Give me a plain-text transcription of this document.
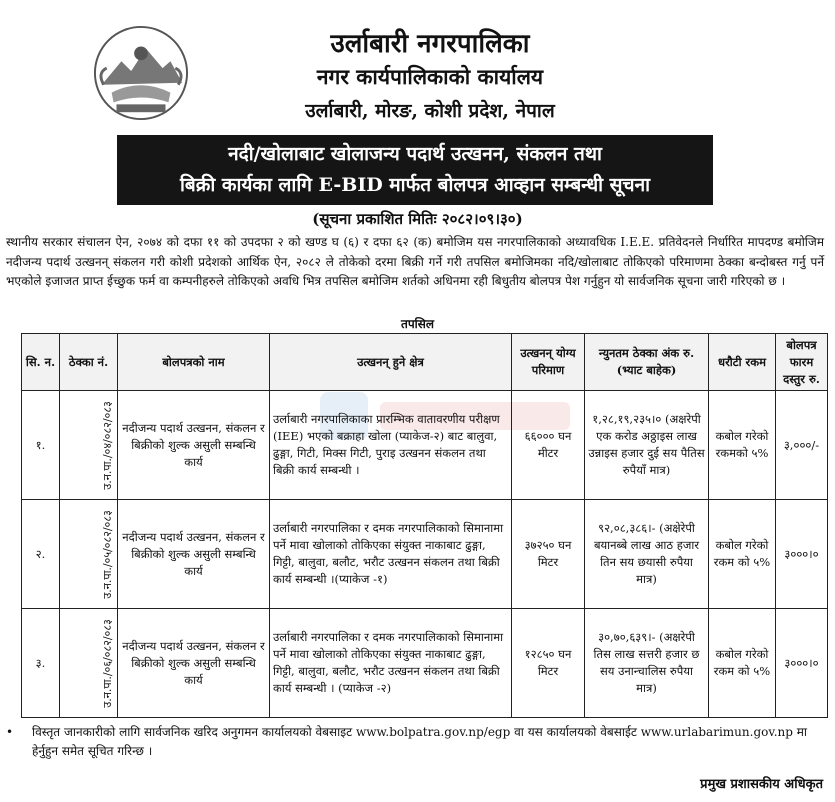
उर्लाबारी नगरपालिका
नगर कार्यपालिकाको कार्यालय
उर्लाबारी, मोरङ, कोशी प्रदेश, नेपाल
नदी/खोलाबाट खोलाजन्य पदार्थ उत्खनन, संकलन तथा
बिक्री कार्यका लागि E-BID मार्फत बोलपत्र आव्हान सम्बन्धी सूचना
(सूचना प्रकाशित मितिः २०८२।०९।३०)
स्थानीय सरकार संचालन ऐन, २०७४ को दफा ११ को उपदफा २ को खण्ड घ (६) र दफा ६२ (क) बमोजिम यस नगरपालिकाको अध्यावधिक I.E.E. प्रतिवेदनले निर्धारित मापदण्ड बमोजिम नदीजन्य पदार्थ उत्खनन् संकलन गरी कोशी प्रदेशको आर्थिक ऐन, २०८२ ले तोकेको दरमा बिक्री गर्ने गरी तपसिल बमोजिमका नदि/खोलाबाट तोकिएको परिमाणमा ठेक्का बन्दोबस्त गर्नु पर्ने भएकोले इजाजत प्राप्त ईच्छुक फर्म वा कम्पनीहरुले तोकिएको अवधि भित्र तपसिल बमोजिम शर्तको अधिनमा रही बिधुतीय बोलपत्र पेश गर्नुहुन यो सार्वजनिक सूचना जारी गरिएको छ ।
तपसिल
सि. न.	ठेक्का नं.	बोलपत्रको नाम	उत्खनन् हुने क्षेत्र	उत्खनन् योग्य परिमाण	न्युनतम ठेक्का अंक रु. (भ्याट बाहेक)	धरौटी रकम	बोलपत्र फारम दस्तुर रु.
१.	उ.न.पा./०४/०८२/०८३	नदीजन्य पदार्थ उत्खनन, संकलन र बिक्रीको शुल्क असुली सम्बन्धि कार्य	उर्लाबारी नगरपालिकाका प्रारम्भिक वातावरणीय परीक्षण (IEE) भएको बक्राहा खोला (प्याकेज-२) बाट बालुवा, ढुङ्गा, गिटी, मिक्स गिटी, पुराइ उत्खनन संकलन तथा बिक्री कार्य सम्बन्धी ।	६६००० घन मीटर	१,२८,१९,२३५।० (अक्षरेपी एक करोड अठ्ठाइस लाख उन्नाइस हजार दुई सय पैतिस रुपैयाँ मात्र)	कबोल गरेको रकमको ५%	३,०००/-
२.	उ.न.पा./०५/०८२/०८३	नदीजन्य पदार्थ उत्खनन, संकलन र बिक्रीको शुल्क असुली सम्बन्धि कार्य	उर्लाबारी नगरपालिका र दमक नगरपालिकाको सिमानामा पर्ने मावा खोलाको तोकिएका संयुक्त नाकाबाट ढुङ्गा, गिट्टी, बालुवा, बलौट, भरौट उत्खनन संकलन तथा बिक्री कार्य सम्बन्धी ।(प्याकेज -१)	३७२५० घन मिटर	९२,०८,३८६।- (अक्षेरेपी बयानब्बे लाख आठ हजार तिन सय छयासी रुपैया मात्र)	कबोल गरेको रकम को ५%	३०००।०
३.	उ.न.पा./०६/०८२/०८३	नदीजन्य पदार्थ उत्खनन, संकलन र बिक्रीको शुल्क असुली सम्बन्धि कार्य	उर्लाबारी नगरपालिका र दमक नगरपालिकाको सिमानामा पर्ने मावा खोलाको तोकिएका संयुक्त नाकाबाट ढुङ्गा, गिट्टी, बालुवा, बलौट, भरौट उत्खनन संकलन तथा बिक्री कार्य सम्बन्धी । (प्याकेज -२)	१२८५० घन मिटर	३०,७०,६३९।- (अक्षरेपी तिस लाख सत्तरी हजार छ सय उनान्चालिस रुपैया मात्र)	कबोल गरेको रकम को ५%	३०००।०
• विस्तृत जानकारीको लागि सार्वजनिक खरिद अनुगमन कार्यालयको वेबसाइट www.bolpatra.gov.np/egp वा यस कार्यालयको वेबसाईट www.urlabarimun.gov.np मा हेर्नुहुन समेत सूचित गरिन्छ ।
प्रमुख प्रशासकीय अधिकृत
